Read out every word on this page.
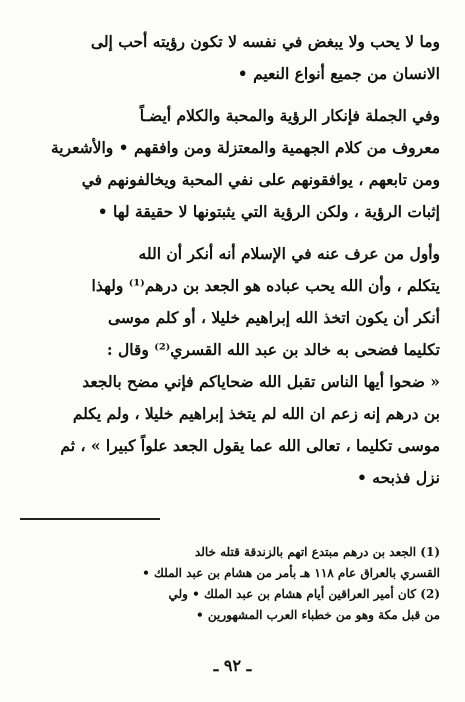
وما لا يحب ولا يبغض في نفسه لا تكون رؤيته أحب إلى
الانسان من جميع أنواع النعيم •
وفي الجملة فإنكار الرؤية والمحبة والكلام أيضـاً
معروف من كلام الجهمية والمعتزلة ومن وافقهم • والأشعرية
ومن تابعهم ، يوافقونهم على نفي المحبة ويخالفونهم في
إثبات الرؤية ، ولكن الرؤية التي يثبتونها لا حقيقة لها •
وأول من عرف عنه في الإسلام أنه أنكر أن الله
يتكلم ، وأن الله يحب عباده هو الجعد بن درهم⁽¹⁾ ولهذا
أنكر أن يكون اتخذ الله إبراهيم خليلا ، أو كلم موسى
تكليما فضحى به خالد بن عبد الله القسري⁽²⁾ وقال :
« ضحوا أيها الناس تقبل الله ضحاياكم فإني مضح بالجعد
بن درهم إنه زعم ان الله لم يتخذ إبراهيم خليلا ، ولم يكلم
موسى تكليما ، تعالى الله عما يقول الجعد علواً كبيرا » ، ثم
نزل فذبحه •
(1) الجعد بن درهم مبتدع اتهم بالزندقة قتله خالد
القسري بالعراق عام ١١٨ هـ بأمر من هشام بن عبد الملك •
(2) كان أمير العراقين أيام هشام بن عبد الملك • ولي
من قبل مكة وهو من خطباء العرب المشهورين •
ـ ٩٢ ـ
